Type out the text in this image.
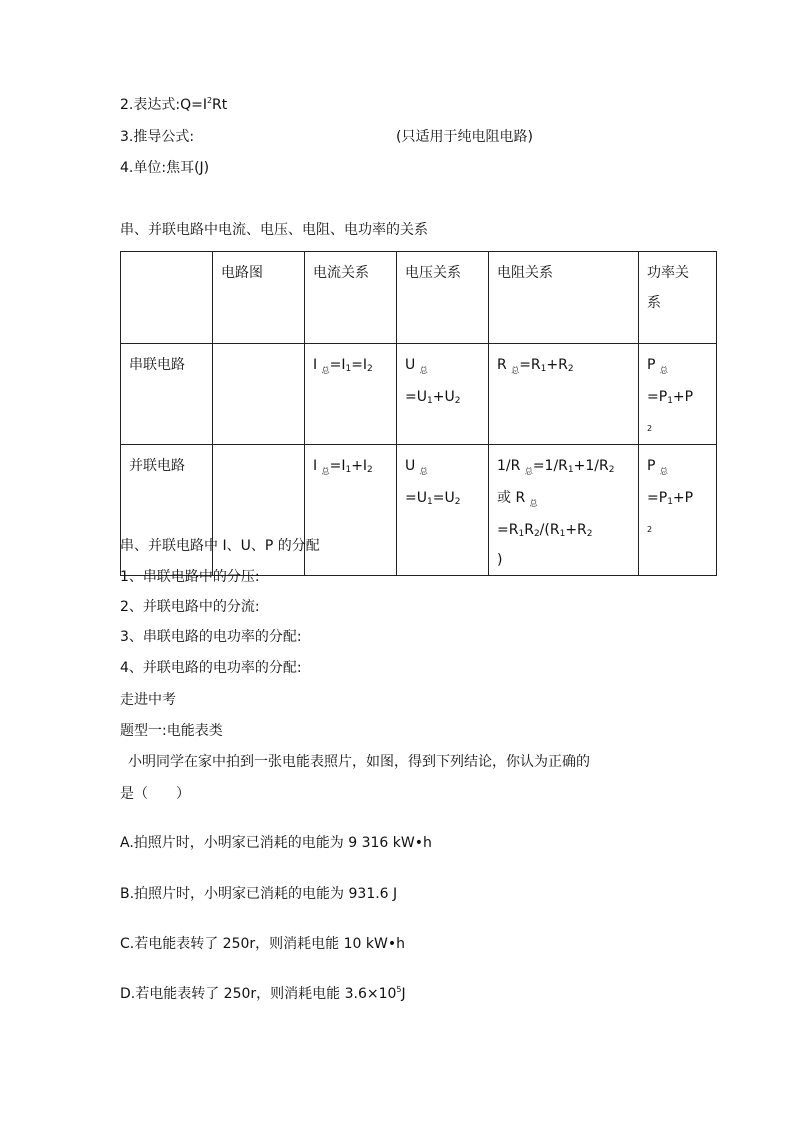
2.表达式$:Q=I^2Rt$
3.推导公式:	(只适用于纯电阻电路)
4.单位:焦耳(J)
串、并联电路中电流、电压、电阻、电功率的关系
	电路图	电流关系	电压关系	电阻关系	功率关
系
串联电路		I $_总=I_1=I_2$	U $_总=U_1+U_2$	R $_总=R_1+R_2$	P $_总=P_1+P$
2
并联电路		I $_总=I_1+I_2$	U $_总=U_1=U_2$	1/R $_总=1/R_1+1/R_2$
或 R $_总=R_1R_2/(R_1+R_2$
)	P $_总=P_1+P$
2
串、并联电路中 I、U、P 的分配
1、串联电路中的分压:
2、并联电路中的分流:
3、串联电路的电功率的分配:
4、并联电路的电功率的分配:
走进中考
题型一:电能表类
小明同学在家中拍到一张电能表照片，如图，得到下列结论，你认为正确的
是（　　）
A.拍照片时，小明家已消耗的电能为 9 316 kW•h
B.拍照片时，小明家已消耗的电能为 931.6 J
C.若电能表转了 250r，则消耗电能 10 kW•h
D.若电能表转了 250r，则消耗电能 $3.6\times 10^5J$
